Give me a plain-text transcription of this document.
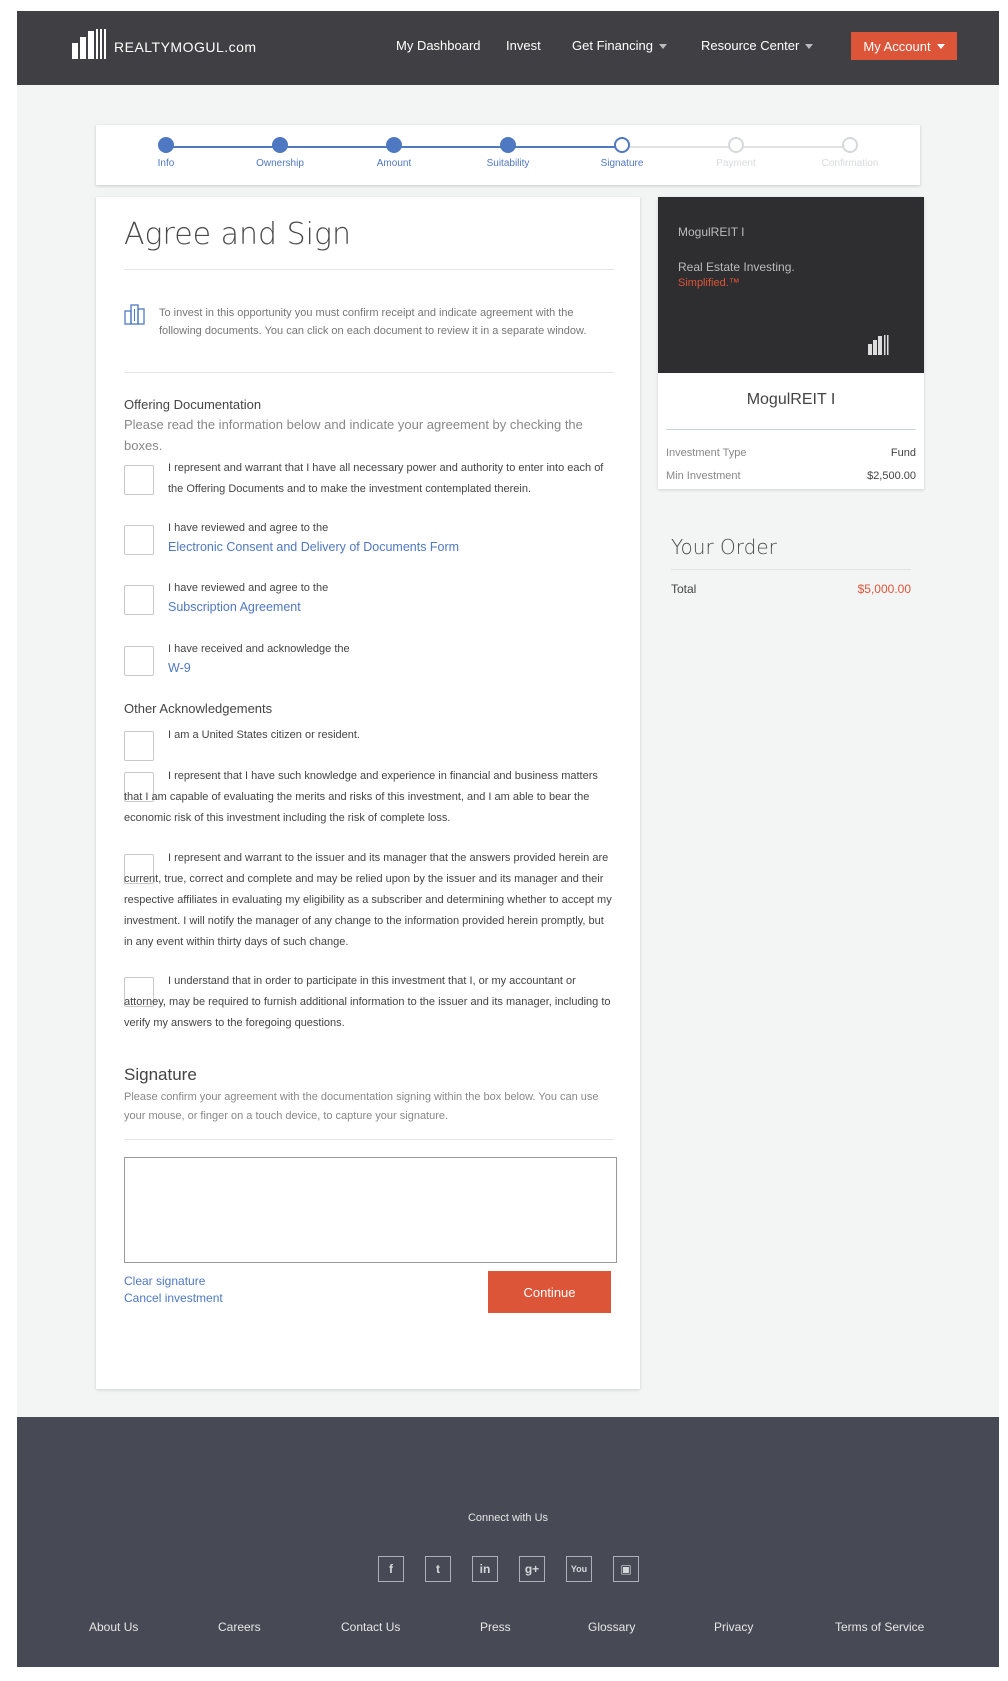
REALTYMOGUL.com	My Dashboard Invest Get Financing	Resource Center	My Account
Info	Ownership	Amount	Suitability	Signature	Payment	Confirmation
Agree and Sign

To invest in this opportunity you must confirm receipt and indicate agreement with the following documents. You can click on each document to review it in a separate window.

Offering Documentation
Please read the information below and indicate your agreement by checking the boxes.

I represent and warrant that I have all necessary power and authority to enter into each of the Offering Documents and to make the investment contemplated therein.

I have reviewed and agree to the

Electronic Consent and Delivery of Documents Form

I have reviewed and agree to the

Subscription Agreement

I have received and acknowledge the

W-9
Other Acknowledgements

I am a United States citizen or resident.

I represent that I have such knowledge and experience in financial and business matters that I am capable of evaluating the merits and risks of this investment, and I am able to bear the economic risk of this investment including the risk of complete loss.

I represent and warrant to the issuer and its manager that the answers provided herein are current, true, correct and complete and may be relied upon by the issuer and its manager and their respective affiliates in evaluating my eligibility as a subscriber and determining whether to accept my investment. I will notify the manager of any change to the information provided herein promptly, but in any event within thirty days of such change.

I understand that in order to participate in this investment that I, or my accountant or attorney, may be required to furnish additional information to the issuer and its manager, including to verify my answers to the foregoing questions.

Signature

Please confirm your agreement with the documentation signing within the box below. You can use your mouse, or finger on a touch device, to capture your signature.

Clear signature
Cancel investment	Continue
MogulREIT I
Real Estate Investing.
Simplified.™
MogulREIT I
Investment Type	Fund
Min Investment	$2,500.00
Your Order
Total	$5,000.00
Connect with Us
f	t	in	g+	You	▣
About Us	Careers	Contact Us	Press	Glossary	Privacy	Terms of Service
